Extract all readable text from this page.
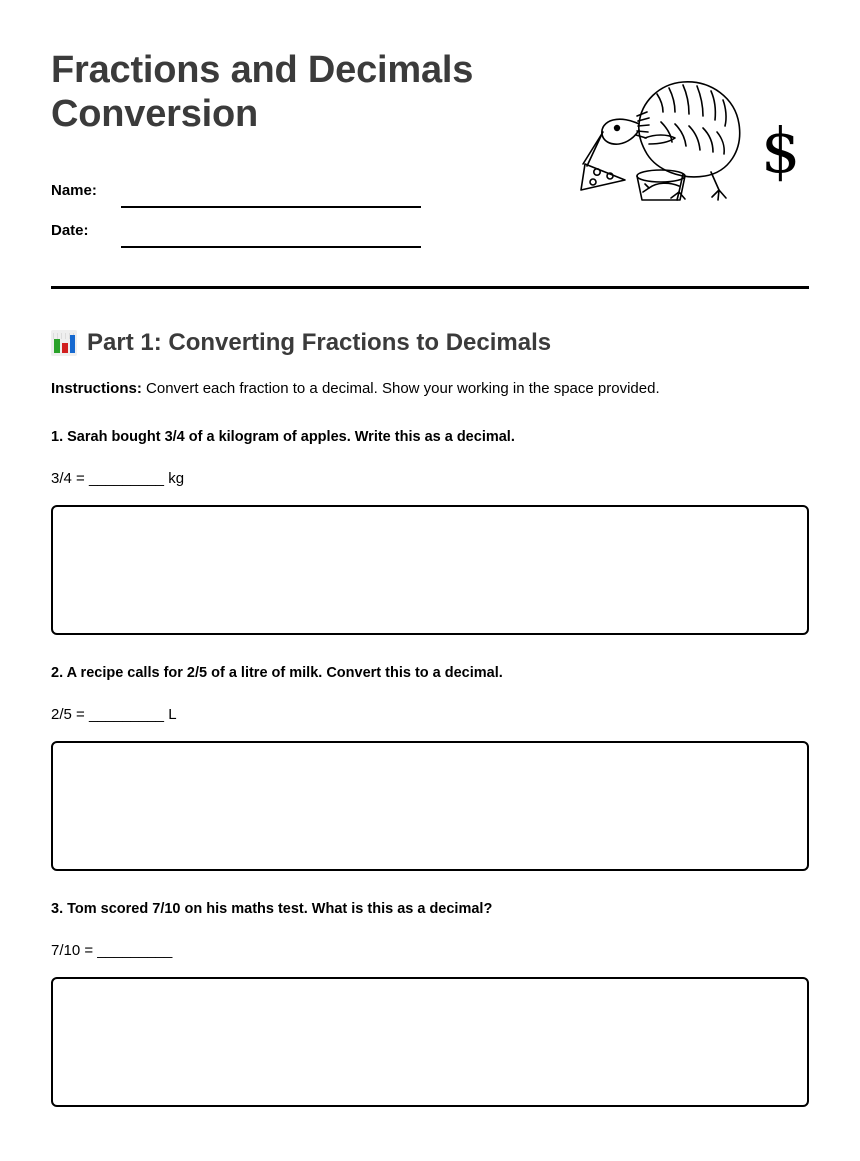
Fractions and Decimals Conversion
Name:
Date:
$
Part 1: Converting Fractions to Decimals

Instructions: Convert each fraction to a decimal. Show your working in the space provided.

1. Sarah bought 3/4 of a kilogram of apples. Write this as a decimal.
3/4 = _________ kg
2. A recipe calls for 2/5 of a litre of milk. Convert this to a decimal.
2/5 = _________ L
3. Tom scored 7/10 on his maths test. What is this as a decimal?
7/10 = _________
